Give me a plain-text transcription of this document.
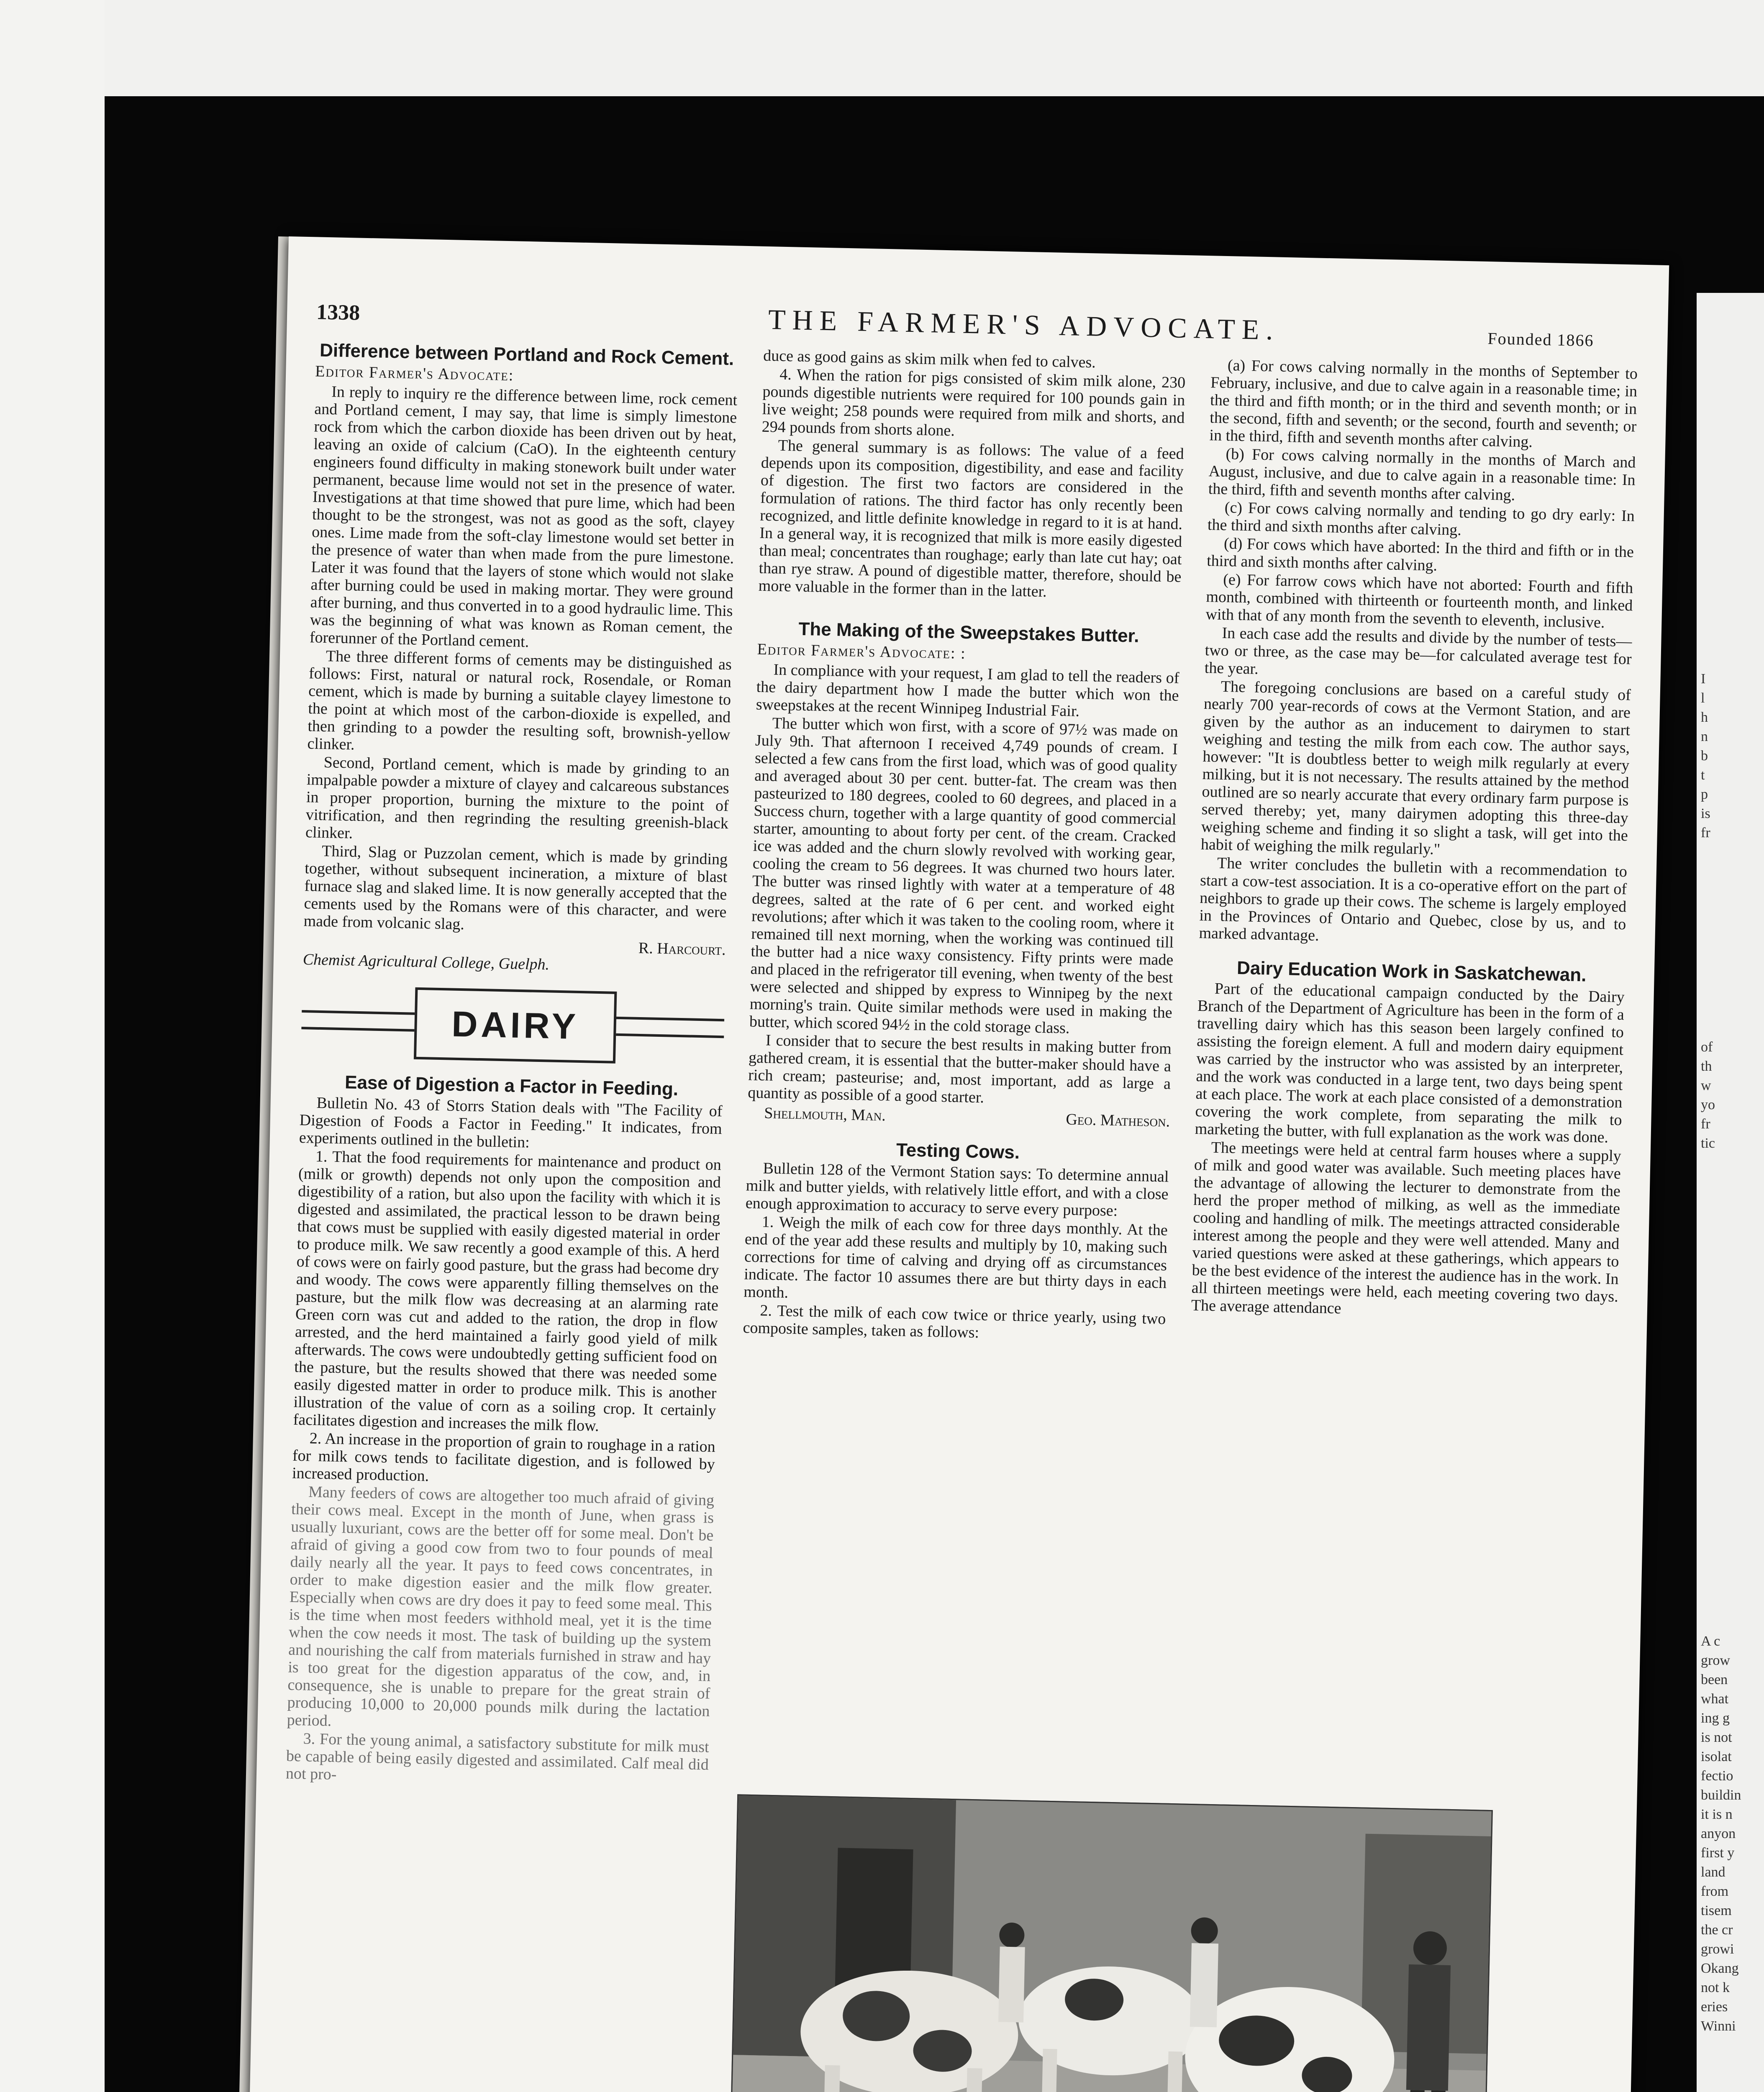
I
l
h
n
b
t
p
is
fr
of
th
w
yo
fr
tic
A c
grow
been
what
ing g
is not
isolat
fectio
buildin
it is n
anyon
first y
land
from
tisem
the cr
growi
Okang
not k
eries
Winni
1338	THE FARMER'S ADVOCATE.	Founded 1866
Difference between Portland and Rock Cement.

Editor Farmer's Advocate:

In reply to inquiry re the difference between lime, rock cement and Portland cement, I may say, that lime is simply limestone rock from which the carbon dioxide has been driven out by heat, leaving an oxide of calcium (CaO). In the eighteenth century engineers found difficulty in making stonework built under water permanent, because lime would not set in the presence of water. Investigations at that time showed that pure lime, which had been thought to be the strongest, was not as good as the soft, clayey ones. Lime made from the soft-clay limestone would set better in the presence of water than when made from the pure limestone. Later it was found that the layers of stone which would not slake after burning could be used in making mortar. They were ground after burning, and thus converted in to a good hydraulic lime. This was the beginning of what was known as Roman cement, the forerunner of the Portland cement.

The three different forms of cements may be distinguished as follows: First, natural or natural rock, Rosendale, or Roman cement, which is made by burning a suitable clayey limestone to the point at which most of the carbon-dioxide is expelled, and then grinding to a powder the resulting soft, brownish-yellow clinker.

Second, Portland cement, which is made by grinding to an impalpable powder a mixture of clayey and calcareous substances in proper proportion, burning the mixture to the point of vitrification, and then regrinding the resulting greenish-black clinker.

Third, Slag or Puzzolan cement, which is made by grinding together, without subsequent incineration, a mixture of blast furnace slag and slaked lime. It is now generally accepted that the cements used by the Romans were of this character, and were made from volcanic slag.

R. Harcourt.

Chemist Agricultural College, Guelph.

DAIRY
Ease of Digestion a Factor in Feeding.

Bulletin No. 43 of Storrs Station deals with "The Facility of Digestion of Foods a Factor in Feeding." It indicates, from experiments outlined in the bulletin:

1. That the food requirements for maintenance and product on (milk or growth) depends not only upon the composition and digestibility of a ration, but also upon the facility with which it is digested and assimilated, the practical lesson to be drawn being that cows must be supplied with easily digested material in order to produce milk. We saw recently a good example of this. A herd of cows were on fairly good pasture, but the grass had become dry and woody. The cows were apparently filling themselves on the pasture, but the milk flow was decreasing at an alarming rate Green corn was cut and added to the ration, the drop in flow arrested, and the herd maintained a fairly good yield of milk afterwards. The cows were undoubtedly getting sufficient food on the pasture, but the results showed that there was needed some easily digested matter in order to produce milk. This is another illustration of the value of corn as a soiling crop. It certainly facilitates digestion and increases the milk flow.

2. An increase in the proportion of grain to roughage in a ration for milk cows tends to facilitate digestion, and is followed by increased production.

Many feeders of cows are altogether too much afraid of giving their cows meal. Except in the month of June, when grass is usually luxuriant, cows are the better off for some meal. Don't be afraid of giving a good cow from two to four pounds of meal daily nearly all the year. It pays to feed cows concentrates, in order to make digestion easier and the milk flow greater. Especially when cows are dry does it pay to feed some meal. This is the time when most feeders withhold meal, yet it is the time when the cow needs it most. The task of building up the system and nourishing the calf from materials furnished in straw and hay is too great for the digestion apparatus of the cow, and, in consequence, she is unable to prepare for the great strain of producing 10,000 to 20,000 pounds milk during the lactation period.

3. For the young animal, a satisfactory substitute for milk must be capable of being easily digested and assimilated. Calf meal did not pro-

duce as good gains as skim milk when fed to calves.

4. When the ration for pigs consisted of skim milk alone, 230 pounds digestible nutrients were required for 100 pounds gain in live weight; 258 pounds were required from milk and shorts, and 294 pounds from shorts alone.

The general summary is as follows: The value of a feed depends upon its composition, digestibility, and ease and facility of digestion. The first two factors are considered in the formulation of rations. The third factor has only recently been recognized, and little definite knowledge in regard to it is at hand. In a general way, it is recognized that milk is more easily digested than meal; concentrates than roughage; early than late cut hay; oat than rye straw. A pound of digestible matter, therefore, should be more valuable in the former than in the latter.

The Making of the Sweepstakes Butter.

Editor Farmer's Advocate: :

In compliance with your request, I am glad to tell the readers of the dairy department how I made the butter which won the sweepstakes at the recent Winnipeg Industrial Fair.

The butter which won first, with a score of 97½ was made on July 9th. That afternoon I received 4,749 pounds of cream. I selected a few cans from the first load, which was of good quality and averaged about 30 per cent. butter-fat. The cream was then pasteurized to 180 degrees, cooled to 60 degrees, and placed in a Success churn, together with a large quantity of good commercial starter, amounting to about forty per cent. of the cream. Cracked ice was added and the churn slowly revolved with working gear, cooling the cream to 56 degrees. It was churned two hours later. The butter was rinsed lightly with water at a temperature of 48 degrees, salted at the rate of 6 per cent. and worked eight revolutions; after which it was taken to the cooling room, where it remained till next morning, when the working was continued till the butter had a nice waxy consistency. Fifty prints were made and placed in the refrigerator till evening, when twenty of the best were selected and shipped by express to Winnipeg by the next morning's train. Quite similar methods were used in making the butter, which scored 94½ in the cold storage class.

I consider that to secure the best results in making butter from gathered cream, it is essential that the butter-maker should have a rich cream; pasteurise; and, most important, add as large a quantity as possible of a good starter.

Shellmouth, Man.	Geo. Matheson.

Testing Cows.

Bulletin 128 of the Vermont Station says: To determine annual milk and butter yields, with relatively little effort, and with a close enough approximation to accuracy to serve every purpose:

1. Weigh the milk of each cow for three days monthly. At the end of the year add these results and multiply by 10, making such corrections for time of calving and drying off as circumstances indicate. The factor 10 assumes there are but thirty days in each month.

2. Test the milk of each cow twice or thrice yearly, using two composite samples, taken as follows:

(a) For cows calving normally in the months of September to February, inclusive, and due to calve again in a reasonable time; in the third and fifth month; or in the third and seventh month; or in the second, fifth and seventh; or the second, fourth and seventh; or in the third, fifth and seventh months after calving.

(b) For cows calving normally in the months of March and August, inclusive, and due to calve again in a reasonable time: In the third, fifth and seventh months after calving.

(c) For cows calving normally and tending to go dry early: In the third and sixth months after calving.

(d) For cows which have aborted: In the third and fifth or in the third and sixth months after calving.

(e) For farrow cows which have not aborted: Fourth and fifth month, combined with thirteenth or fourteenth month, and linked with that of any month from the seventh to eleventh, inclusive.

In each case add the results and divide by the number of tests—two or three, as the case may be—for calculated average test for the year.

The foregoing conclusions are based on a careful study of nearly 700 year-records of cows at the Vermont Station, and are given by the author as an inducement to dairymen to start weighing and testing the milk from each cow. The author says, however: "It is doubtless better to weigh milk regularly at every milking, but it is not necessary. The results attained by the method outlined are so nearly accurate that every ordinary farm purpose is served thereby; yet, many dairymen adopting this three-day weighing scheme and finding it so slight a task, will get into the habit of weighing the milk regularly."

The writer concludes the bulletin with a recommendation to start a cow-test association. It is a co-operative effort on the part of neighbors to grade up their cows. The scheme is largely employed in the Provinces of Ontario and Quebec, close by us, and to marked advantage.

Dairy Education Work in Saskatchewan.

Part of the educational campaign conducted by the Dairy Branch of the Department of Agriculture has been in the form of a travelling dairy which has this season been largely confined to assisting the foreign element. A full and modern dairy equipment was carried by the instructor who was assisted by an interpreter, and the work was conducted in a large tent, two days being spent at each place. The work at each place consisted of a demonstration covering the work complete, from separating the milk to marketing the butter, with full explanation as the work was done.

The meetings were held at central farm houses where a supply of milk and good water was available. Such meeting places have the advantage of allowing the lecturer to demonstrate from the herd the proper method of milking, as well as the immediate cooling and handling of milk. The meetings attracted considerable interest among the people and they were well attended. Many and varied questions were asked at these gatherings, which appears to be the best evidence of the interest the audience has in the work. In all thirteen meetings were held, each meeting covering two days. The average attendance
